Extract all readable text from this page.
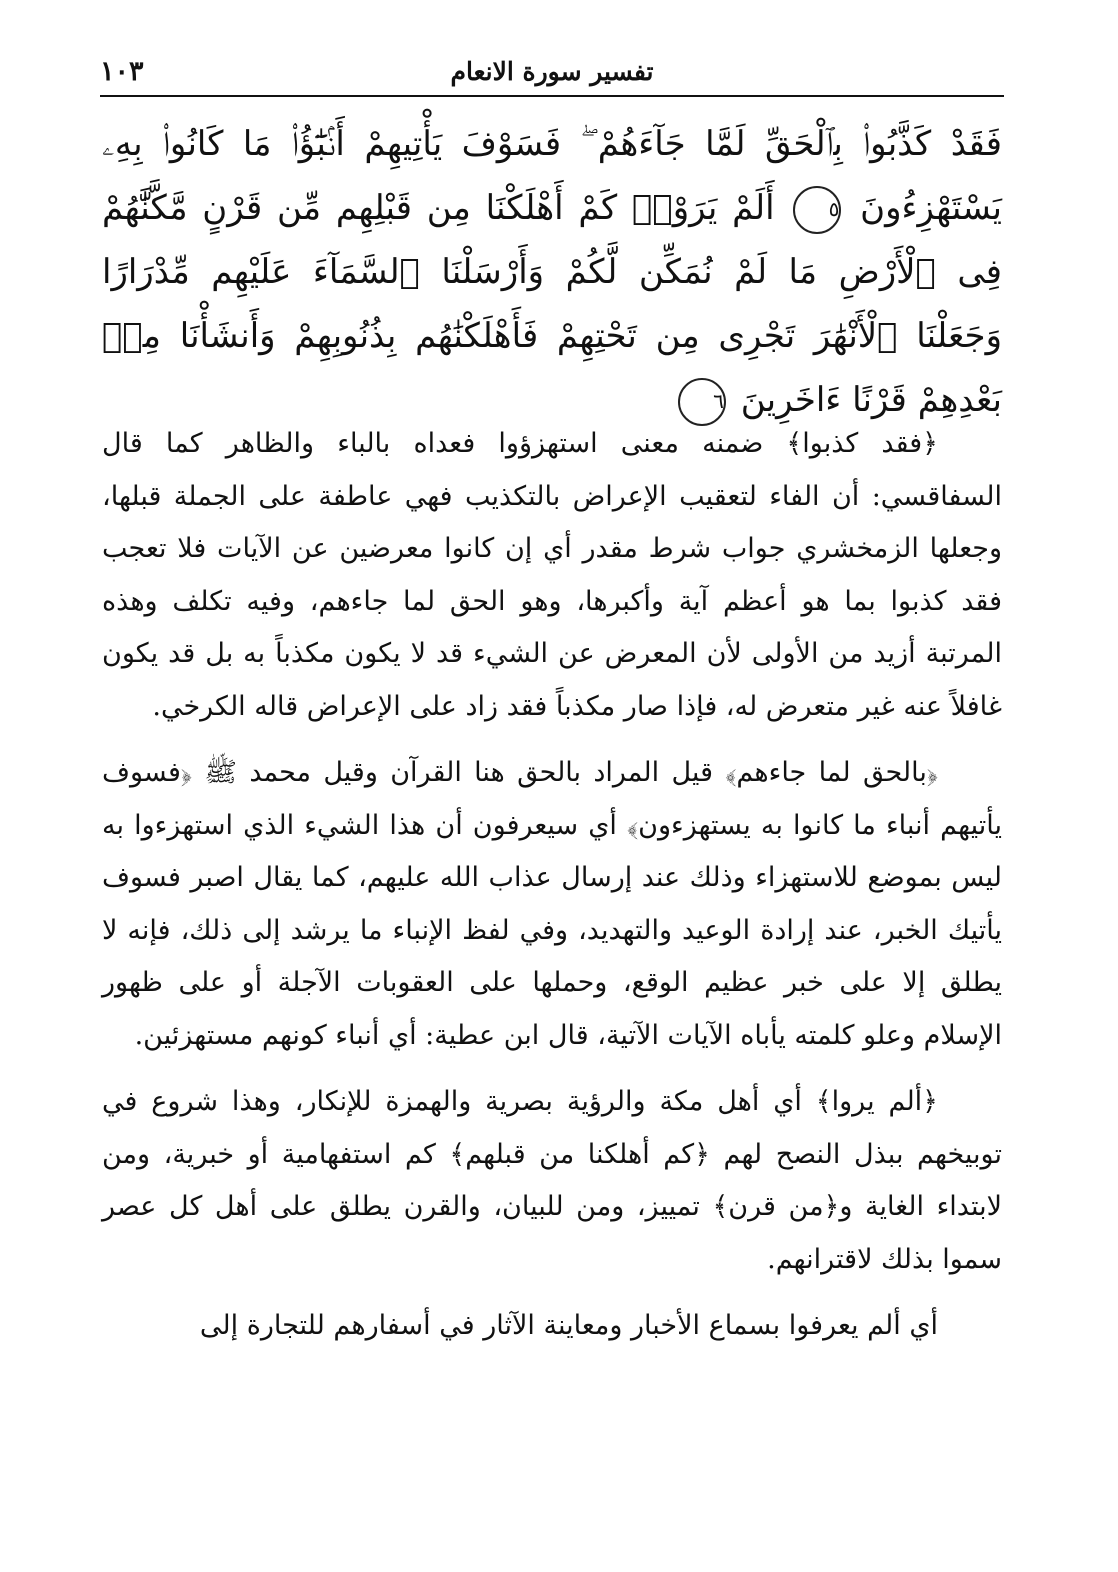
تفسير سورة الانعام
١٠٣
فَقَدْ كَذَّبُوا۟ بِٱلْحَقِّ لَمَّا جَآءَهُمْ ۖ فَسَوْفَ يَأْتِيهِمْ أَنۢبَٰٓؤُا۟ مَا كَانُوا۟ بِهِۦ يَسْتَهْزِءُونَ ٥ أَلَمْ يَرَوْا۟ كَمْ أَهْلَكْنَا مِن قَبْلِهِم مِّن قَرْنٍ مَّكَّنَّٰهُمْ فِى ٱلْأَرْضِ مَا لَمْ نُمَكِّن لَّكُمْ وَأَرْسَلْنَا ٱلسَّمَآءَ عَلَيْهِم مِّدْرَارًا وَجَعَلْنَا ٱلْأَنْهَٰرَ تَجْرِى مِن تَحْتِهِمْ فَأَهْلَكْنَٰهُم بِذُنُوبِهِمْ وَأَنشَأْنَا مِنۢ بَعْدِهِمْ قَرْنًا ءَاخَرِينَ ٦

﴿فقد كذبوا﴾ ضمنه معنى استهزؤوا فعداه بالباء والظاهر كما قال السفاقسي: أن الفاء لتعقيب الإعراض بالتكذيب فهي عاطفة على الجملة قبلها، وجعلها الزمخشري جواب شرط مقدر أي إن كانوا معرضين عن الآيات فلا تعجب فقد كذبوا بما هو أعظم آية وأكبرها، وهو الحق لما جاءهم، وفيه تكلف وهذه المرتبة أزيد من الأولى لأن المعرض عن الشيء قد لا يكون مكذباً به بل قد يكون غافلاً عنه غير متعرض له، فإذا صار مكذباً فقد زاد على الإعراض قاله الكرخي.

﴿بالحق لما جاءهم﴾ قيل المراد بالحق هنا القرآن وقيل محمد ﷺ ﴿فسوف يأتيهم أنباء ما كانوا به يستهزءون﴾ أي سيعرفون أن هذا الشيء الذي استهزءوا به ليس بموضع للاستهزاء وذلك عند إرسال عذاب الله عليهم، كما يقال اصبر فسوف يأتيك الخبر، عند إرادة الوعيد والتهديد، وفي لفظ الإنباء ما يرشد إلى ذلك، فإنه لا يطلق إلا على خبر عظيم الوقع، وحملها على العقوبات الآجلة أو على ظهور الإسلام وعلو كلمته يأباه الآيات الآتية، قال ابن عطية: أي أنباء كونهم مستهزئين.

﴿ألم يروا﴾ أي أهل مكة والرؤية بصرية والهمزة للإنكار، وهذا شروع في توبيخهم ببذل النصح لهم ﴿كم أهلكنا من قبلهم﴾ كم استفهامية أو خبرية، ومن لابتداء الغاية و﴿من قرن﴾ تمييز، ومن للبيان، والقرن يطلق على أهل كل عصر سموا بذلك لاقترانهم.

أي ألم يعرفوا بسماع الأخبار ومعاينة الآثار في أسفارهم للتجارة إلى
